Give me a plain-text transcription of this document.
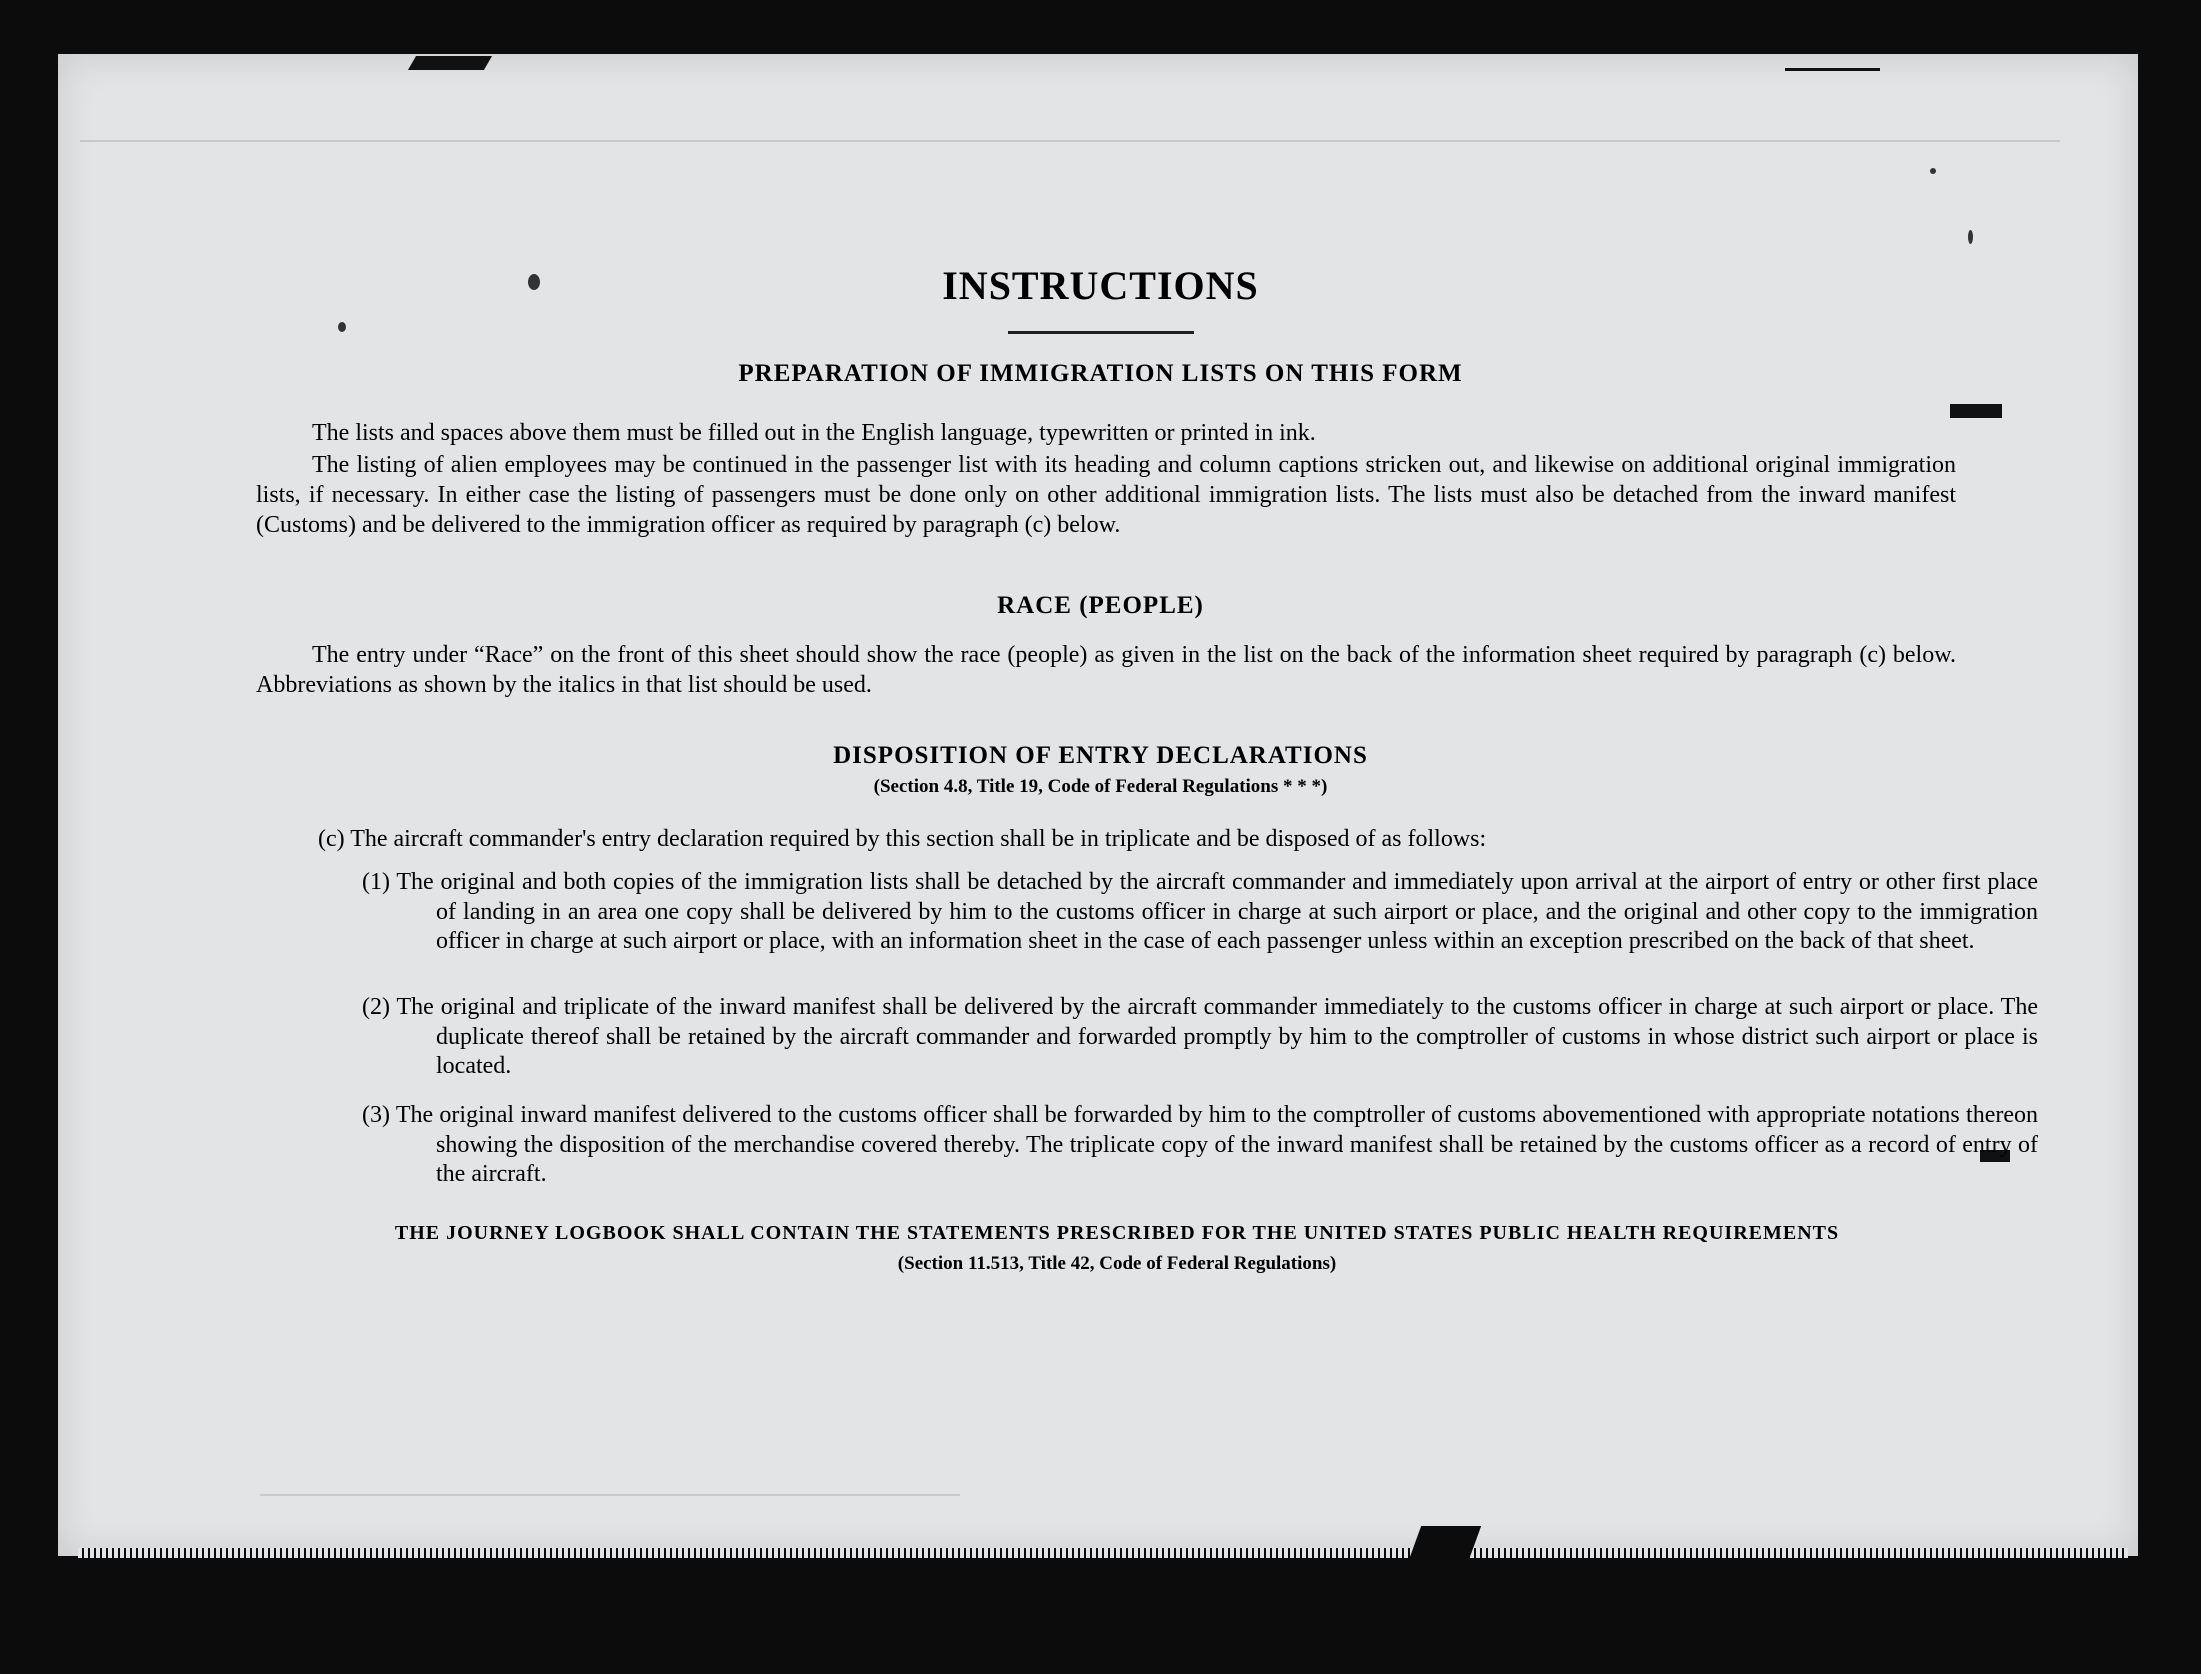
INSTRUCTIONS
PREPARATION OF IMMIGRATION LISTS ON THIS FORM

The lists and spaces above them must be filled out in the English language, typewritten or printed in ink.

The listing of alien employees may be continued in the passenger list with its heading and column captions stricken out, and likewise on additional original immigration lists, if necessary. In either case the listing of passengers must be done only on other additional immigration lists. The lists must also be detached from the inward manifest (Customs) and be delivered to the immigration officer as required by paragraph (c) below.

RACE (PEOPLE)

The entry under “Race” on the front of this sheet should show the race (people) as given in the list on the back of the information sheet required by paragraph (c) below. Abbreviations as shown by the italics in that list should be used.

DISPOSITION OF ENTRY DECLARATIONS

(Section 4.8, Title 19, Code of Federal Regulations * * *)

(c) The aircraft commander's entry declaration required by this section shall be in triplicate and be disposed of as follows:

(1) The original and both copies of the immigration lists shall be detached by the aircraft commander and immediately upon arrival at the airport of entry or other first place of landing in an area one copy shall be delivered by him to the customs officer in charge at such airport or place, and the original and other copy to the immigration officer in charge at such airport or place, with an information sheet in the case of each passenger unless within an exception prescribed on the back of that sheet.

(2) The original and triplicate of the inward manifest shall be delivered by the aircraft commander immediately to the customs officer in charge at such airport or place. The duplicate thereof shall be retained by the aircraft commander and forwarded promptly by him to the comptroller of customs in whose district such airport or place is located.

(3) The original inward manifest delivered to the customs officer shall be forwarded by him to the comptroller of customs abovementioned with appropriate notations thereon showing the disposition of the merchandise covered thereby. The triplicate copy of the inward manifest shall be retained by the customs officer as a record of entry of the aircraft.

THE JOURNEY LOGBOOK SHALL CONTAIN THE STATEMENTS PRESCRIBED FOR THE UNITED STATES PUBLIC HEALTH REQUIREMENTS

(Section 11.513, Title 42, Code of Federal Regulations)
